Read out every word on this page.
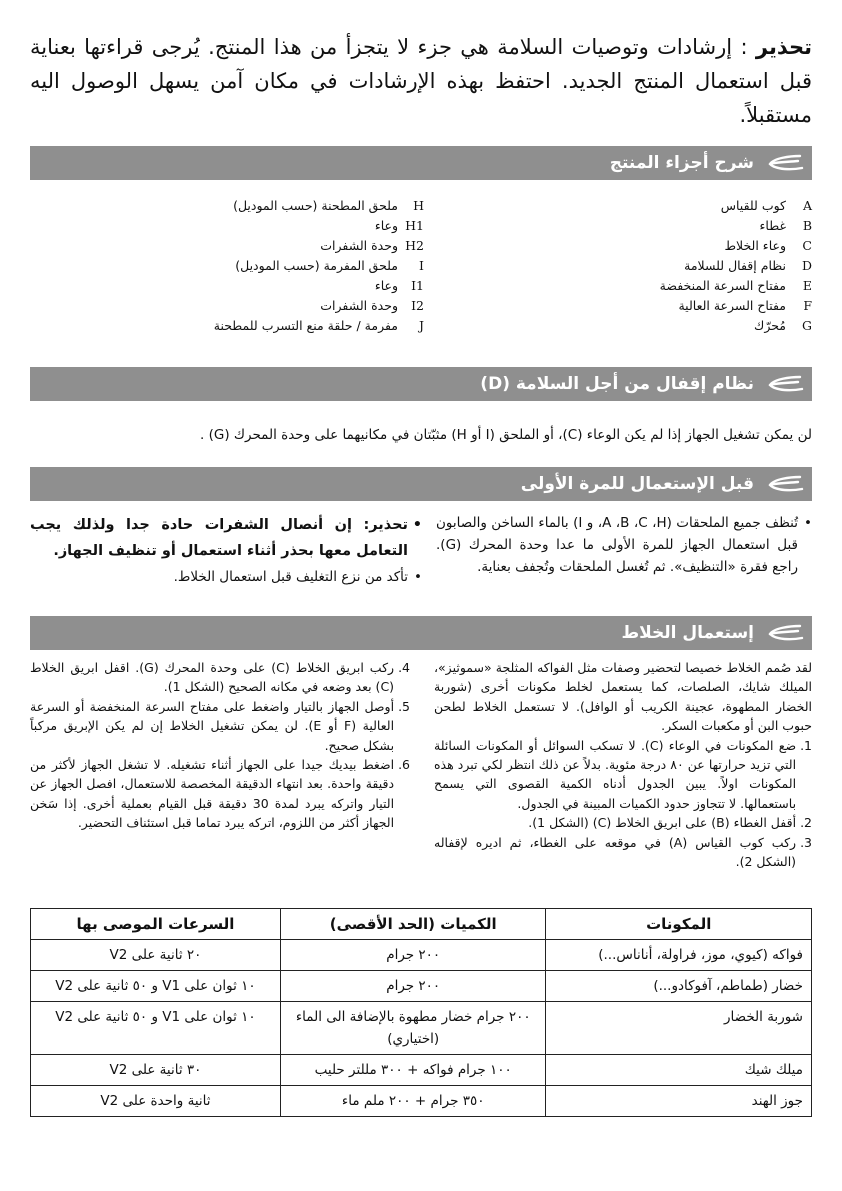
تحذير : إرشادات وتوصيات السلامة هي جزء لا يتجزأ من هذا المنتج. يُرجى قراءتها بعناية قبل استعمال المنتج الجديد. احتفظ بهذه الإرشادات في مكان آمن يسهل الوصول اليه مستقبلاً.
شرح أجزاء المنتج
A
كوب للقياس
B
غطاء
C
وعاء الخلاط
D
نظام إقفال للسلامة
E
مفتاح السرعة المنخفضة
F
مفتاح السرعة العالية
G
مُحرّك
H
ملحق المطحنة (حسب الموديل)
H1
وعاء
H2
وحدة الشفرات
I
ملحق المفرمة (حسب الموديل)
I1
وعاء
I2
وحدة الشفرات
J
مفرمة / حلقة منع التسرب للمطحنة
نظام إقفال من أجل السلامة (D)
لن يمكن تشغيل الجهاز إذا لم يكن الوعاء (C)، أو الملحق (I أو H) مثبّتان في مكانيهما على وحدة المحرك (G) .
قبل الإستعمال للمرة الأولى
• تُنظف جميع الملحقات (A ،B ،C ،H، و I) بالماء الساخن والصابون قبل استعمال الجهاز للمرة الأولى ما عدا وحدة المحرك (G). راجع فقرة «التنظيف». ثم تُغسل الملحقات وتُجفف بعناية.
• تحذير: إن أنصال الشفرات حادة جدا ولذلك يجب التعامل معها بحذر أثناء استعمال أو تنظيف الجهاز.
• تأكد من نزع التغليف قبل استعمال الخلاط.
إستعمال الخلاط
لقد صُمم الخلاط خصيصا لتحضير وصفات مثل الفواكه المثلجة «سموثيز»، الميلك شايك، الصلصات، كما يستعمل لخلط مكونات أخرى (شوربة الخضار المطهوة، عجينة الكريب أو الوافل). لا تستعمل الخلاط لطحن حبوب البن أو مكعبات السكر.
1.
ضع المكونات في الوعاء (C). لا تسكب السوائل أو المكونات السائلة التي تزيد حرارتها عن ٨٠ درجة مئوية. بدلاً عن ذلك انتظر لكي تبرد هذه المكونات اولاً. يبين الجدول أدناه الكمية القصوى التي يسمح باستعمالها. لا تتجاوز حدود الكميات المبينة في الجدول.
2.
أقفل الغطاء (B) على ابريق الخلاط (C) (الشكل 1).
3.
ركب كوب القياس (A) في موقعه على الغطاء، ثم اديره لإقفاله (الشكل 2).
4.
ركب ابريق الخلاط (C) على وحدة المحرك (G). اقفل ابريق الخلاط (C) بعد وضعه في مكانه الصحيح (الشكل 1).
5.
أوصل الجهاز بالتيار واضغط على مفتاح السرعة المنخفضة أو السرعة العالية (F أو E). لن يمكن تشغيل الخلاط إن لم يكن الإبريق مركباً بشكل صحيح.
6.
اضغط بيديك جيدا على الجهاز أثناء تشغيله. لا تشغل الجهاز لأكثر من دقيقة واحدة. بعد انتهاء الدقيقة المخصصة للاستعمال، افصل الجهاز عن التيار واتركه يبرد لمدة 30 دقيقة قبل القيام بعملية أخرى. إذا سَخن الجهاز أكثر من اللزوم، اتركه يبرد تماما قبل استئناف التحضير.
المكونات	الكميات (الحد الأقصى)	السرعات الموصى بها
فواكه (كيوي، موز، فراولة، أناناس...)	٢٠٠ جرام	٢٠ ثانية على V2
خضار (طماطم، آفوكادو...)	٢٠٠ جرام	١٠ ثوان على V1 و ٥٠ ثانية على V2
شوربة الخضار	٢٠٠ جرام خضار مطهوة بالإضافة الى الماء (اختياري)	١٠ ثوان على V1 و ٥٠ ثانية على V2
ميلك شيك	١٠٠ جرام فواكه + ٣٠٠ مللتر حليب	٣٠ ثانية على V2
جوز الهند	٣٥٠ جرام + ٢٠٠ ملم ماء	ثانية واحدة على V2
